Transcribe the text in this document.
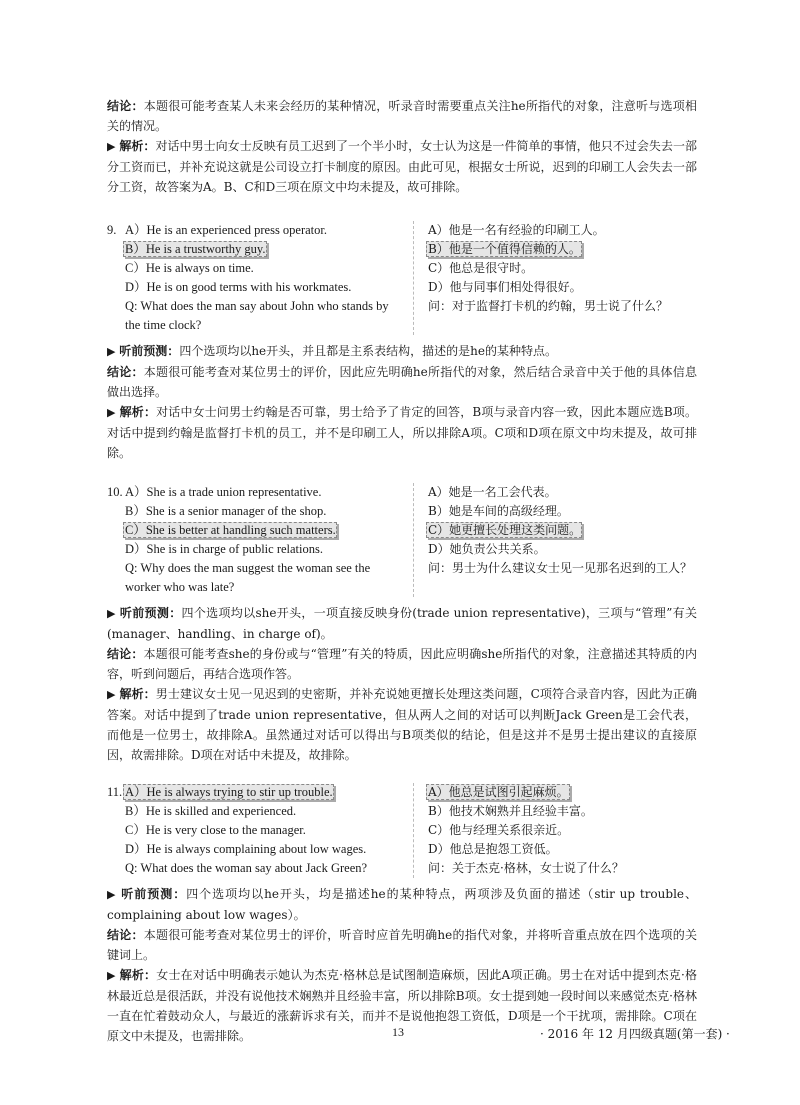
结论：本题很可能考查某人未来会经历的某种情况，听录音时需要重点关注he所指代的对象，注意听与选项相关的情况。

▶ 解析：对话中男士向女士反映有员工迟到了一个半小时，女士认为这是一件简单的事情，他只不过会失去一部分工资而已，并补充说这就是公司设立打卡制度的原因。由此可见，根据女士所说，迟到的印刷工人会失去一部分工资，故答案为A。B、C和D三项在原文中均未提及，故可排除。

9. A）He is an experienced press operator.
B）He is a trustworthy guy.
C）He is always on time.
D）He is on good terms with his workmates.
Q: What does the man say about John who stands by the time clock?
A）他是一名有经验的印刷工人。
B）他是一个值得信赖的人。
C）他总是很守时。
D）他与同事们相处得很好。
问：对于监督打卡机的约翰，男士说了什么？

▶ 听前预测：四个选项均以he开头，并且都是主系表结构，描述的是he的某种特点。

结论：本题很可能考查对某位男士的评价，因此应先明确he所指代的对象，然后结合录音中关于他的具体信息做出选择。

▶ 解析：对话中女士问男士约翰是否可靠，男士给予了肯定的回答，B项与录音内容一致，因此本题应选B项。对话中提到约翰是监督打卡机的员工，并不是印刷工人，所以排除A项。C项和D项在原文中均未提及，故可排除。

10. A）She is a trade union representative.
B）She is a senior manager of the shop.
C）She is better at handling such matters.
D）She is in charge of public relations.
Q: Why does the man suggest the woman see the worker who was late?
A）她是一名工会代表。
B）她是车间的高级经理。
C）她更擅长处理这类问题。
D）她负责公共关系。
问：男士为什么建议女士见一见那名迟到的工人？

▶ 听前预测：四个选项均以she开头，一项直接反映身份(trade union representative)，三项与“管理”有关(manager、handling、in charge of)。

结论：本题很可能考查she的身份或与“管理”有关的特质，因此应明确she所指代的对象，注意描述其特质的内容，听到问题后，再结合选项作答。

▶ 解析：男士建议女士见一见迟到的史密斯，并补充说她更擅长处理这类问题，C项符合录音内容，因此为正确答案。对话中提到了trade union representative，但从两人之间的对话可以判断Jack Green是工会代表，而他是一位男士，故排除A。虽然通过对话可以得出与B项类似的结论，但是这并不是男士提出建议的直接原因，故需排除。D项在对话中未提及，故排除。

11. A）He is always trying to stir up trouble.
B）He is skilled and experienced.
C）He is very close to the manager.
D）He is always complaining about low wages.
Q: What does the woman say about Jack Green?
A）他总是试图引起麻烦。
B）他技术娴熟并且经验丰富。
C）他与经理关系很亲近。
D）他总是抱怨工资低。
问：关于杰克·格林，女士说了什么？

▶ 听前预测：四个选项均以he开头，均是描述he的某种特点，两项涉及负面的描述（stir up trouble、complaining about low wages）。

结论：本题很可能考查对某位男士的评价，听音时应首先明确he的指代对象，并将听音重点放在四个选项的关键词上。

▶ 解析：女士在对话中明确表示她认为杰克·格林总是试图制造麻烦，因此A项正确。男士在对话中提到杰克·格林最近总是很活跃，并没有说他技术娴熟并且经验丰富，所以排除B项。女士提到她一段时间以来感觉杰克·格林一直在忙着鼓动众人，与最近的涨薪诉求有关，而并不是说他抱怨工资低，D项是一个干扰项，需排除。C项在原文中未提及，也需排除。	13	· 2016 年 12 月四级真题(第一套) ·
